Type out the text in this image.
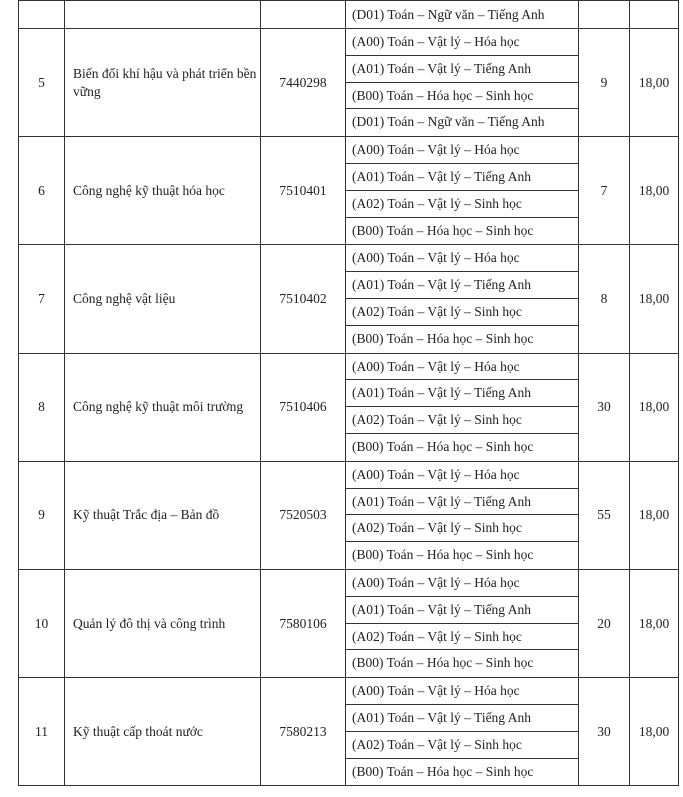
			(D01) Toán – Ngữ văn – Tiếng Anh		

5	Biến đổi khí hậu và phát triển bền vững	7440298	(A00) Toán – Vật lý – Hóa học
(A01) Toán – Vật lý – Tiếng Anh
(B00) Toán – Hóa học – Sinh học
(D01) Toán – Ngữ văn – Tiếng Anh	9	18,00
6	Công nghệ kỹ thuật hóa học	7510401	(A00) Toán – Vật lý – Hóa học
(A01) Toán – Vật lý – Tiếng Anh
(A02) Toán – Vật lý – Sinh học
(B00) Toán – Hóa học – Sinh học	7	18,00
7	Công nghệ vật liệu	7510402	(A00) Toán – Vật lý – Hóa học
(A01) Toán – Vật lý – Tiếng Anh
(A02) Toán – Vật lý – Sinh học
(B00) Toán – Hóa học – Sinh học	8	18,00
8	Công nghệ kỹ thuật môi trường	7510406	(A00) Toán – Vật lý – Hóa học
(A01) Toán – Vật lý – Tiếng Anh
(A02) Toán – Vật lý – Sinh học
(B00) Toán – Hóa học – Sinh học	30	18,00
9	Kỹ thuật Trắc địa – Bản đồ	7520503	(A00) Toán – Vật lý – Hóa học
(A01) Toán – Vật lý – Tiếng Anh
(A02) Toán – Vật lý – Sinh học
(B00) Toán – Hóa học – Sinh học	55	18,00
10	Quản lý đô thị và công trình	7580106	(A00) Toán – Vật lý – Hóa học
(A01) Toán – Vật lý – Tiếng Anh
(A02) Toán – Vật lý – Sinh học
(B00) Toán – Hóa học – Sinh học	20	18,00
11	Kỹ thuật cấp thoát nước	7580213	(A00) Toán – Vật lý – Hóa học
(A01) Toán – Vật lý – Tiếng Anh
(A02) Toán – Vật lý – Sinh học
(B00) Toán – Hóa học – Sinh học	30	18,00
